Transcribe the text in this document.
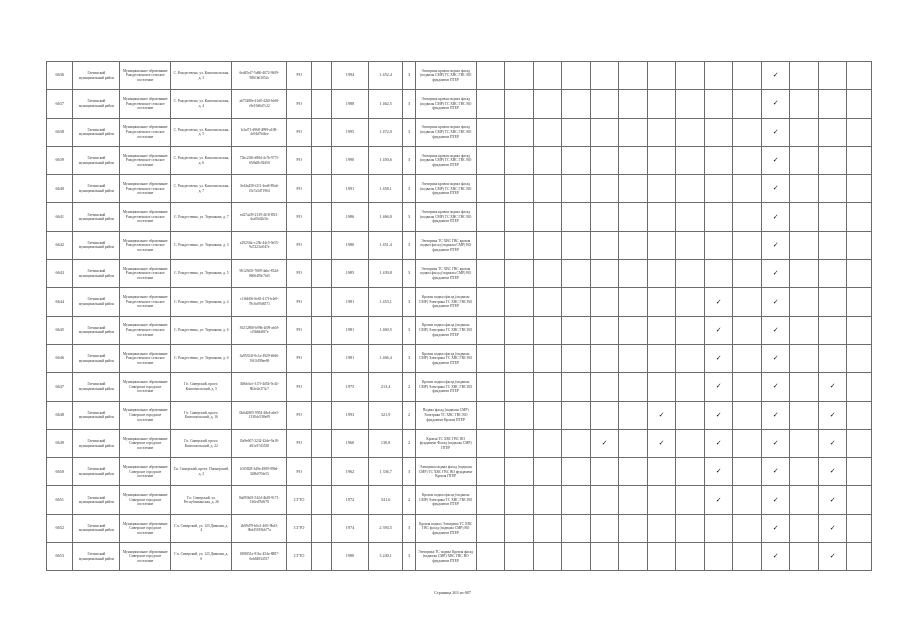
6636	Гатчинский муниципальный район	Муниципальное образование Рождественское сельское поселение	С. Рождествено, ул. Комсомольская, д. 3	6ed45ef7-5d60-4072-9b59-9861b61052c	РО		1994	1 452,4	3	Электрика кровля подвал фасад (подвалы СМР) ТС ХВС ГВС ВО фундамент ПТЕР											✓			
6637	Гатчинский муниципальный район	Муниципальное образование Рождественское сельское поселение	С. Рождествено, ул. Комсомольская, д. 4	ab73488e-41d0-42b5-bb8f-c9e19d6d7c22	РО		1988	1 462,5	3	Электрика кровля подвал фасад (подвалы СМР) ТС ХВС ГВС ВО фундамент ПТЕР											✓			
6638	Гатчинский муниципальный район	Муниципальное образование Рождественское сельское поселение	С. Рождествено, ул. Комсомольская, д. 5	b2af71-d968-4999-a108-4c94d7bf4ee	РО		1995	1 472,0	3	Электрика кровля подвал фасад (подвалы СМР) ТС ХВС ГВС ВО фундамент ПТЕР											✓			
6639	Гатчинский муниципальный район	Муниципальное образование Рождественское сельское поселение	С. Рождествено, ул. Комсомольская, д. 6	73bc23f6-d88d-4c7b-977f-65f6d8c92d50	РО		1990	1 450,6	3	Электрика кровля подвал фасад (подвалы СМР) ТС ХВС ГВС ВО фундамент ПТЕР											✓			
6640	Гатчинский муниципальный район	Муниципальное образование Рождественское сельское поселение	С. Рождествено, ул. Комсомольская, д. 7	3e44a458-f211-4ea8-89ab-f5e7a3d71964	РО		1991	1 458,1	3	Электрика кровля подвал фасад (подвалы СМР) ТС ХВС ГВС ВО фундамент ПТЕР											✓			
6641	Гатчинский муниципальный район	Муниципальное образование Рождественское сельское поселение	С. Рождествено, ул. Терешкова, д. 7	ed27a2f9-2139-4f18-85f1-4ca05d2b3fc	РО		1986	1 466,0	3	Электрика кровля подвал фасад (подвалы СМР) ТС ХВС ГВС ВО фундамент ПТЕР											✓			
6642	Гатчинский муниципальный район	Муниципальное образование Рождественское сельское поселение	С. Рождествено, ул. Терешкова, д. 3	e2923f4c-c23b-44c5-9e55-9a7223cf047e	РО		1980	1 451,4	3	Электрика ТС ХВС ГВС кровля подвал фасад (подвалы СМР) ВО фундамент ПТЕР											✓			
6643	Гатчинский муниципальный район	Муниципальное образование Рождественское сельское поселение	С. Рождествено, ул. Терешкова, д. 5	9612365f-7689-4abc-832d-8606409c7fd3	РО		1985	1 439,8	3	Электрика ТС ХВС ГВС кровля подвал фасад (подвалы СМР) ВО фундамент ПТЕР											✓			
6644	Гатчинский муниципальный район	Муниципальное образование Рождественское сельское поселение	С. Рождествено, ул. Терешкова, д. 4	c1f64f06-6e63-417f-b4e9-78c6c09d6571	РО		1981	1 453,1	3	Кровля подвал фасад (подвалы СМР) Электрика ТС ХВС ГВС ВО фундамент ПТЕР									✓		✓			
6645	Гатчинский муниципальный район	Муниципальное образование Рождественское сельское поселение	С. Рождествено, ул. Терешкова, д. 6	30212800-b99b-4f09-ab0f-cf5b8dd8f7e	РО		1981	1 460,5	3	Кровля подвал фасад (подвалы СМР) Электрика ТС ХВС ГВС ВО фундамент ПТЕР									✓		✓			
6646	Гатчинский муниципальный район	Муниципальное образование Рождественское сельское поселение	С. Рождествено, ул. Терешкова, д. 6	3a95354f-0c1a-4929-b9d6-19f1f499ae69	РО		1981	1 466,4	3	Кровля подвал фасад (подвалы СМР) Электрика ТС ХВС ГВС ВО фундамент ПТЕР									✓		✓			
6647	Гатчинский муниципальный район	Муниципальное образование Сиверское городское поселение	Гп. Сиверский, проел. Комсомольский, д. 5	3b8dcbcf-317f-4d54-9c44-862e2e373c7	РО		1975	213,4	2	Кровля подвал фасад (подвалы СМР) Электрика ТС ХВС ГВС ВО фундамент ПТЕР									✓		✓		✓	
6648	Гатчинский муниципальный район	Муниципальное образование Сиверское городское поселение	Гп. Сиверский, проел. Комсомольский, д. 16	0b6d2805-9954-4fbd-a6e5-1330dc538e09	РО		1993	321,9	2	Подвал фасад (подвалы СМР) Электрика ТС ХВС ГВС ВО фундамент Кровля ПТЕР							✓		✓		✓		✓	
6649	Гатчинский муниципальный район	Муниципальное образование Сиверское городское поселение	Гп. Сиверский, проел. Комсомольский, д. 22	f5a9e607-2232-43de-9a18-d61e37d3530	РО		1960	130,8	2	Кровля ТС ХВС ГВС ВО фундамент Фасад (подвалы СМР) ПТЕР					✓		✓		✓		✓		✓	
6650	Гатчинский муниципальный район	Муниципальное образование Сиверское городское поселение	Г.п. Сиверский, проел. Пионерский, д. 2	b5f5828-3d9a-4989-996d-328b070fe53	РО		1962	1 336,7	3	Электрика подвал фасад (подвалы СМР) ТС ХВС ГВС ВО фундамент Кровля ПТЕР									✓		✓		✓	
6651	Гатчинский муниципальный район	Муниципальное образование Сиверское городское поселение	Г.п. Сиверский, ул. Республиканская, д. 26	8a695b03-542d-4b28-9171-1b0ed7b8f78	СГТО		1972	541,6	2	Кровля подвал фасад (подвалы СМР) Электрика ТС ХВС ГВС ВО фундамент ПТЕР									✓		✓		✓	
6652	Гатчинский муниципальный район	Муниципальное образование Сиверское городское поселение	Г.п. Сиверский, ул. 123 Дивизии, д. 4	2b89d79-b6c3-4f0f-9bd3-0bd45185bb77a	СГТО		1974	2 394,5	3	Кровля подвал Электрика ТС ХВС ГВС фасад (подвалы СМР) ВО фундамент ПТЕР											✓		✓	
6653	Гатчинский муниципальный район	Муниципальное образование Сиверское городское поселение	Г.п. Сиверский, ул. 123 Дивизии, д. 6	1888f51a-91bc-454a-8887-6eb84834537	СГТО		1980	3 240,1	3	Электрика ТС подвал Кровля фасад (подвалы СМР) ХВС ГВС ВО фундамент ПТЕР											✓		✓	
Страница 263 из 687
